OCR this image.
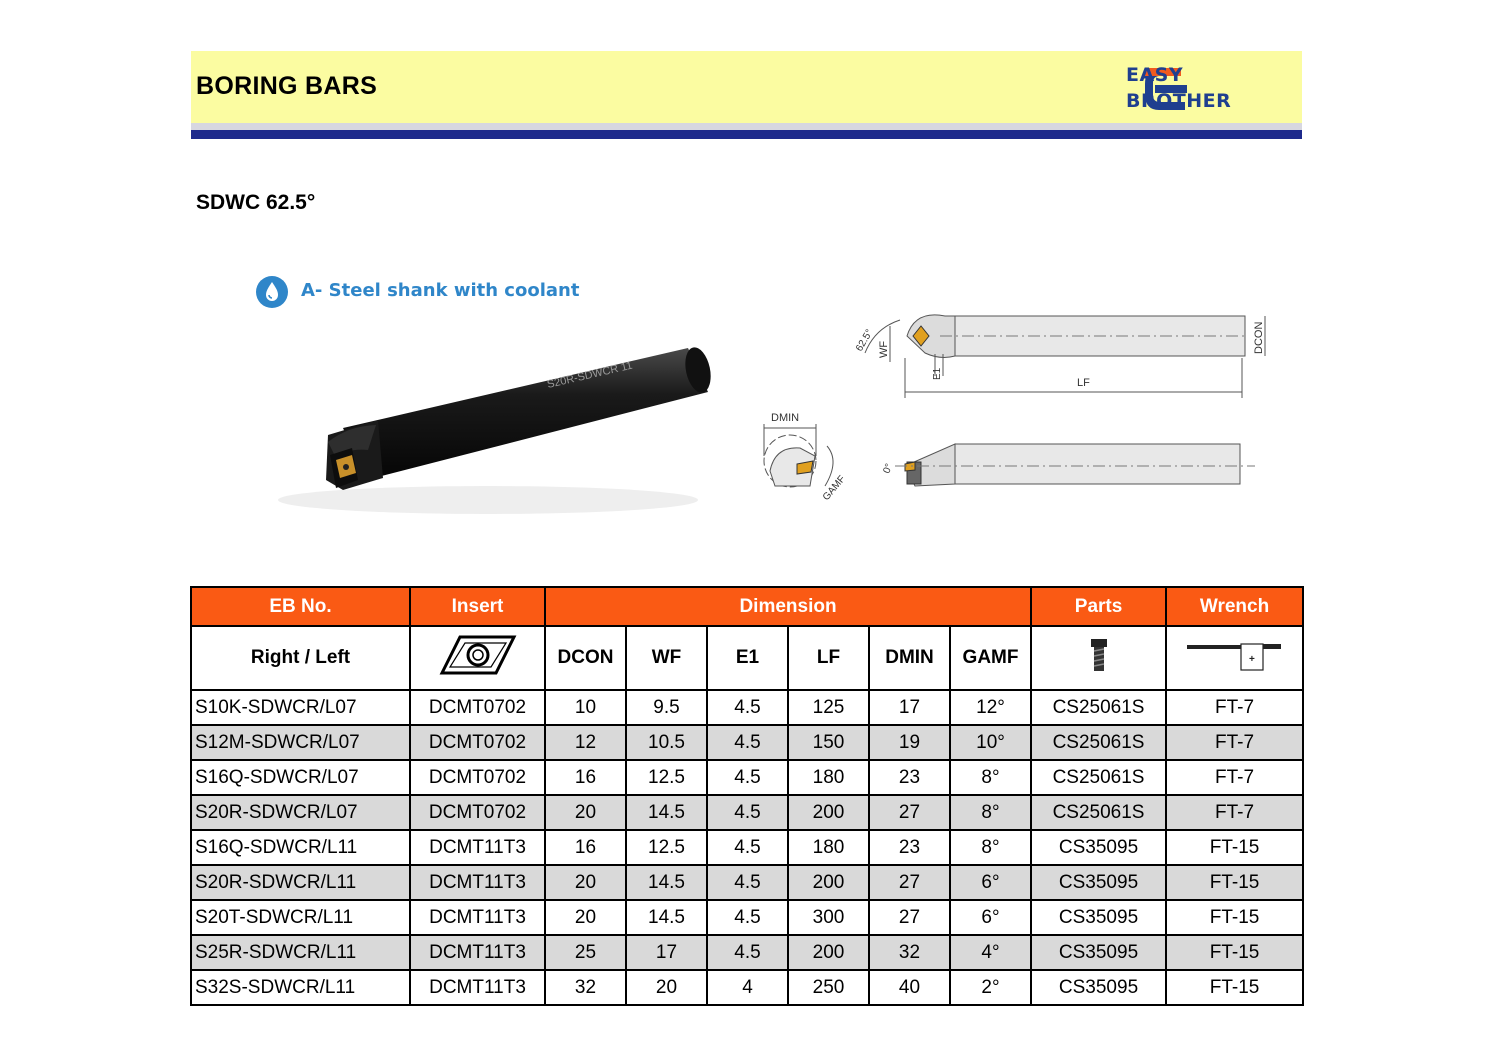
BORING BARS	EASY
BROTHER
SDWC 62.5°
A- Steel shank with coolant
S20R-SDWCR 11	LF
DCON
WF
E1
62.5°
DMIN
GAMF
0°
EB No.	Insert	Dimension						Parts	Wrench
Right / Left		DCON	WF	E1	LF	DMIN	GAMF		+

S10K-SDWCR/L07	DCMT0702	10	9.5	4.5	125	17	12°	CS25061S	FT-7
S12M-SDWCR/L07	DCMT0702	12	10.5	4.5	150	19	10°	CS25061S	FT-7
S16Q-SDWCR/L07	DCMT0702	16	12.5	4.5	180	23	8°	CS25061S	FT-7
S20R-SDWCR/L07	DCMT0702	20	14.5	4.5	200	27	8°	CS25061S	FT-7
S16Q-SDWCR/L11	DCMT11T3	16	12.5	4.5	180	23	8°	CS35095	FT-15
S20R-SDWCR/L11	DCMT11T3	20	14.5	4.5	200	27	6°	CS35095	FT-15
S20T-SDWCR/L11	DCMT11T3	20	14.5	4.5	300	27	6°	CS35095	FT-15
S25R-SDWCR/L11	DCMT11T3	25	17	4.5	200	32	4°	CS35095	FT-15
S32S-SDWCR/L11	DCMT11T3	32	20	4	250	40	2°	CS35095	FT-15
